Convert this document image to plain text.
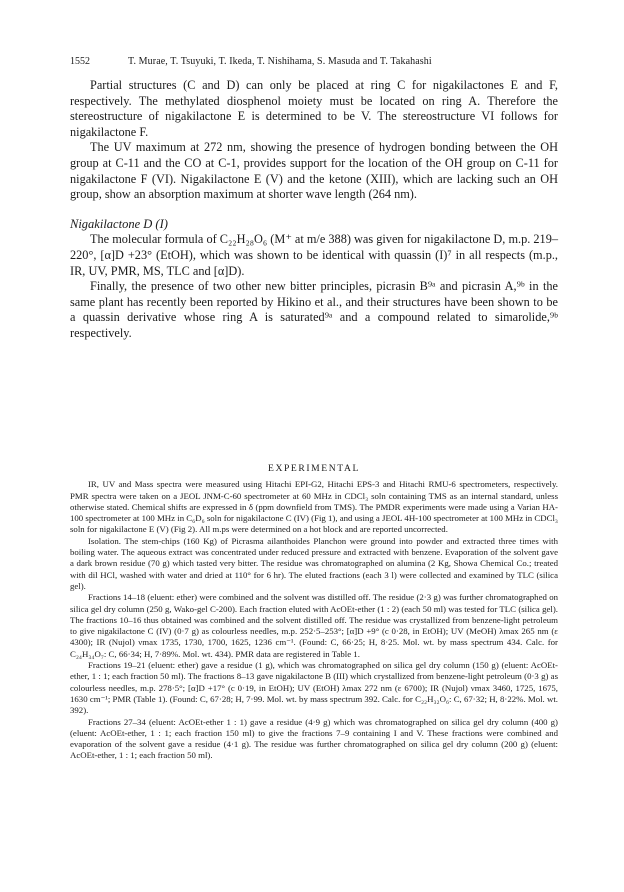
1552	T. Murae, T. Tsuyuki, T. Ikeda, T. Nishihama, S. Masuda and T. Takahashi

Partial structures (C and D) can only be placed at ring C for nigakilactones E and F, respectively. The methylated diosphenol moiety must be located on ring A. Therefore the stereostructure of nigakilactone E is determined to be V. The stereostructure VI follows for nigakilactone F.

The UV maximum at 272 nm, showing the presence of hydrogen bonding between the OH group at C-11 and the CO at C-1, provides support for the location of the OH group on C-11 for nigakilactone F (VI). Nigakilactone E (V) and the ketone (XIII), which are lacking such an OH group, show an absorption maximum at shorter wave length (264 nm).

Nigakilactone D (I)

The molecular formula of C₂₂H₂₈O₆ (M⁺ at m/e 388) was given for nigakilactone D, m.p. 219–220°, [α]D +23° (EtOH), which was shown to be identical with quassin (I)⁷ in all respects (m.p., IR, UV, PMR, MS, TLC and [α]D).

Finally, the presence of two other new bitter principles, picrasin B⁹ᵃ and picrasin A,⁹ᵇ in the same plant has recently been reported by Hikino et al., and their structures have been shown to be a quassin derivative whose ring A is saturated⁹ᵃ and a compound related to simarolide,⁹ᵇ respectively.

EXPERIMENTAL

IR, UV and Mass spectra were measured using Hitachi EPI-G2, Hitachi EPS-3 and Hitachi RMU-6 spectrometers, respectively. PMR spectra were taken on a JEOL JNM-C-60 spectrometer at 60 MHz in CDCl₃ soln containing TMS as an internal standard, unless otherwise stated. Chemical shifts are expressed in δ (ppm downfield from TMS). The PMDR experiments were made using a Varian HA-100 spectrometer at 100 MHz in C₆D₆ soln for nigakilactone C (IV) (Fig 1), and using a JEOL 4H-100 spectrometer at 100 MHz in CDCl₃ soln for nigakilactone E (V) (Fig 2). All m.ps were determined on a hot block and are reported uncorrected.

Isolation. The stem-chips (160 Kg) of Picrasma ailanthoides Planchon were ground into powder and extracted three times with boiling water. The aqueous extract was concentrated under reduced pressure and extracted with benzene. Evaporation of the solvent gave a dark brown residue (70 g) which tasted very bitter. The residue was chromatographed on alumina (2 Kg, Showa Chemical Co.; treated with dil HCl, washed with water and dried at 110° for 6 hr). The eluted fractions (each 3 l) were collected and examined by TLC (silica gel).

Fractions 14–18 (eluent: ether) were combined and the solvent was distilled off. The residue (2·3 g) was further chromatographed on silica gel dry column (250 g, Wako-gel C-200). Each fraction eluted with AcOEt-ether (1 : 2) (each 50 ml) was tested for TLC (silica gel). The fractions 10–16 thus obtained was combined and the solvent distilled off. The residue was crystallized from benzene-light petroleum to give nigakilactone C (IV) (0·7 g) as colourless needles, m.p. 252·5–253°; [α]D +9° (c 0·28, in EtOH); UV (MeOH) λmax 265 nm (ε 4300); IR (Nujol) νmax 1735, 1730, 1700, 1625, 1236 cm⁻¹. (Found: C, 66·25; H, 8·25. Mol. wt. by mass spectrum 434. Calc. for C₂₄H₃₄O₇: C, 66·34; H, 7·89%. Mol. wt. 434). PMR data are registered in Table 1.

Fractions 19–21 (eluent: ether) gave a residue (1 g), which was chromatographed on silica gel dry column (150 g) (eluent: AcOEt-ether, 1 : 1; each fraction 50 ml). The fractions 8–13 gave nigakilactone B (III) which crystallized from benzene-light petroleum (0·3 g) as colourless needles, m.p. 278·5°; [α]D +17° (c 0·19, in EtOH); UV (EtOH) λmax 272 nm (ε 6700); IR (Nujol) νmax 3460, 1725, 1675, 1630 cm⁻¹; PMR (Table 1). (Found: C, 67·28; H, 7·99. Mol. wt. by mass spectrum 392. Calc. for C₂₂H₃₂O₆: C, 67·32; H, 8·22%. Mol. wt. 392).

Fractions 27–34 (eluent: AcOEt-ether 1 : 1) gave a residue (4·9 g) which was chromatographed on silica gel dry column (400 g) (eluent: AcOEt-ether, 1 : 1; each fraction 150 ml) to give the fractions 7–9 containing I and V. These fractions were combined and evaporation of the solvent gave a residue (4·1 g). The residue was further chromatographed on silica gel dry column (200 g) (eluent: AcOEt-ether, 1 : 1; each fraction 50 ml).
